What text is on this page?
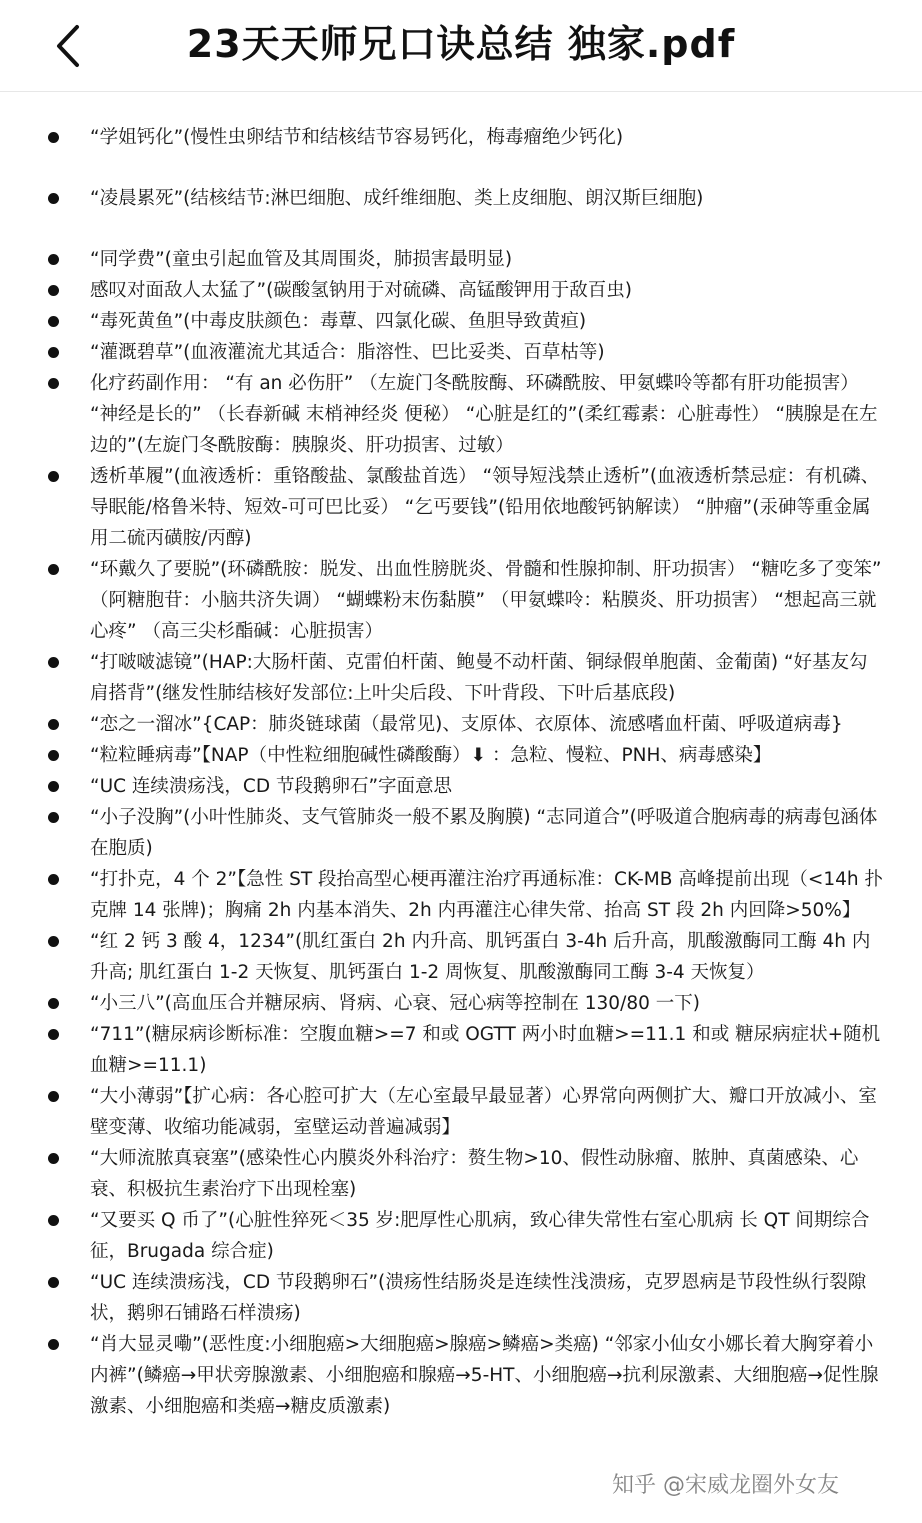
23天天师兄口诀总结 独家.pdf
“学姐钙化”(慢性虫卵结节和结核结节容易钙化，梅毒瘤绝少钙化)
“凌晨累死”(结核结节:淋巴细胞、成纤维细胞、类上皮细胞、朗汉斯巨细胞)
“同学费”(童虫引起血管及其周围炎，肺损害最明显)
感叹对面敌人太猛了”(碳酸氢钠用于对硫磷、高锰酸钾用于敌百虫)
“毒死黄鱼”(中毒皮肤颜色：毒蕈、四氯化碳、鱼胆导致黄疸)
“灌溉碧草”(血液灌流尤其适合：脂溶性、巴比妥类、百草枯等)
化疗药副作用： “有 an 必伤肝” （左旋门冬酰胺酶、环磷酰胺、甲氨蝶呤等都有肝功能损害） “神经是长的” （长春新碱 末梢神经炎 便秘） “心脏是红的”(柔红霉素：心脏毒性） “胰腺是在左边的”(左旋门冬酰胺酶：胰腺炎、肝功损害、过敏）
透析革履”(血液透析：重铬酸盐、氯酸盐首选） “领导短浅禁止透析”(血液透析禁忌症：有机磷、导眠能/格鲁米特、短效-可可巴比妥） “乞丐要钱”(铅用依地酸钙钠解读） “肿瘤”(汞砷等重金属用二硫丙磺胺/丙醇)
“环戴久了要脱”(环磷酰胺：脱发、出血性膀胱炎、骨髓和性腺抑制、肝功损害） “糖吃多了变笨” （阿糖胞苷：小脑共济失调） “蝴蝶粉末伤黏膜” （甲氨蝶呤：粘膜炎、肝功损害） “想起高三就心疼” （高三尖杉酯碱：心脏损害）
“打啵啵滤镜”(HAP:大肠杆菌、克雷伯杆菌、鲍曼不动杆菌、铜绿假单胞菌、金葡菌) “好基友勾肩搭背”(继发性肺结核好发部位:上叶尖后段、下叶背段、下叶后基底段)
“恋之一溜冰”{CAP：肺炎链球菌（最常见)、支原体、衣原体、流感嗜血杆菌、呼吸道病毒}
“粒粒睡病毒”【NAP（中性粒细胞碱性磷酸酶）⬇ ：急粒、慢粒、PNH、病毒感染】
“UC 连续溃疡浅，CD 节段鹅卵石”字面意思
“小子没胸”(小叶性肺炎、支气管肺炎一般不累及胸膜) “志同道合”(呼吸道合胞病毒的病毒包涵体在胞质)
“打扑克，4 个 2”【急性 ST 段抬高型心梗再灌注治疗再通标准：CK-MB 高峰提前出现（<14h 扑克牌 14 张牌)；胸痛 2h 内基本消失、2h 内再灌注心律失常、抬高 ST 段 2h 内回降>50%】
“红 2 钙 3 酸 4，1234”(肌红蛋白 2h 内升高、肌钙蛋白 3-4h 后升高，肌酸激酶同工酶 4h 内升高; 肌红蛋白 1-2 天恢复、肌钙蛋白 1-2 周恢复、肌酸激酶同工酶 3-4 天恢复）
“小三八”(高血压合并糖尿病、肾病、心衰、冠心病等控制在 130/80 一下)
“711”(糖尿病诊断标准：空腹血糖>=7 和或 OGTT 两小时血糖>=11.1 和或 糖尿病症状+随机血糖>=11.1)
“大小薄弱”【扩心病：各心腔可扩大（左心室最早最显著）心界常向两侧扩大、瓣口开放减小、室壁变薄、收缩功能减弱，室壁运动普遍减弱】
“大师流脓真衰塞”(感染性心内膜炎外科治疗：赘生物>10、假性动脉瘤、脓肿、真菌感染、心衰、积极抗生素治疗下出现栓塞)
“又要买 Q 币了”(心脏性猝死＜35 岁:肥厚性心肌病，致心律失常性右室心肌病 长 QT 间期综合征，Brugada 综合症)
“UC 连续溃疡浅，CD 节段鹅卵石”(溃疡性结肠炎是连续性浅溃疡，克罗恩病是节段性纵行裂隙状，鹅卵石铺路石样溃疡)
“肖大显灵嘞”(恶性度:小细胞癌>大细胞癌>腺癌>鳞癌>类癌) “邻家小仙女小娜长着大胸穿着小内裤”(鳞癌→甲状旁腺激素、小细胞癌和腺癌→5-HT、小细胞癌→抗利尿激素、大细胞癌→促性腺激素、小细胞癌和类癌→糖皮质激素)
知乎 @宋威龙圈外女友
